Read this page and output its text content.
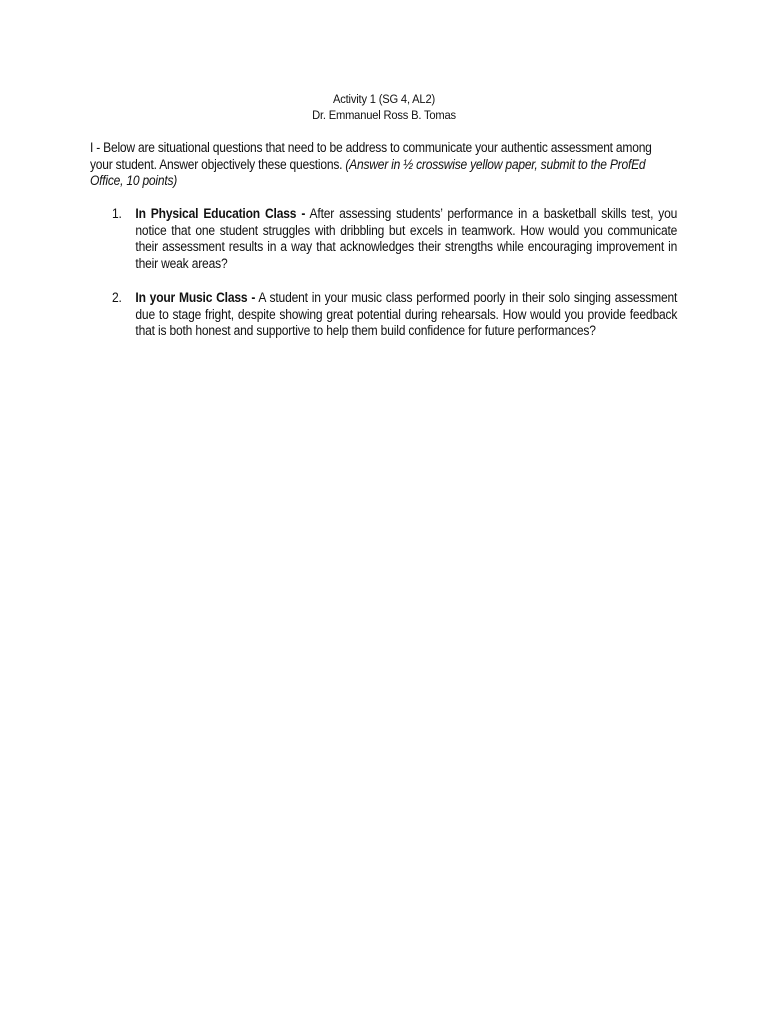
Activity 1 (SG 4, AL2)
Dr. Emmanuel Ross B. Tomas
I - Below are situational questions that need to be address to communicate your authentic assessment among your student. Answer objectively these questions. (Answer in ½ crosswise yellow paper, submit to the ProfEd Office, 10 points)
1. In Physical Education Class - After assessing students’ performance in a basketball skills test, you notice that one student struggles with dribbling but excels in teamwork. How would you communicate their assessment results in a way that acknowledges their strengths while encouraging improvement in their weak areas?
2. In your Music Class - A student in your music class performed poorly in their solo singing assessment due to stage fright, despite showing great potential during rehearsals. How would you provide feedback that is both honest and supportive to help them build confidence for future performances?
